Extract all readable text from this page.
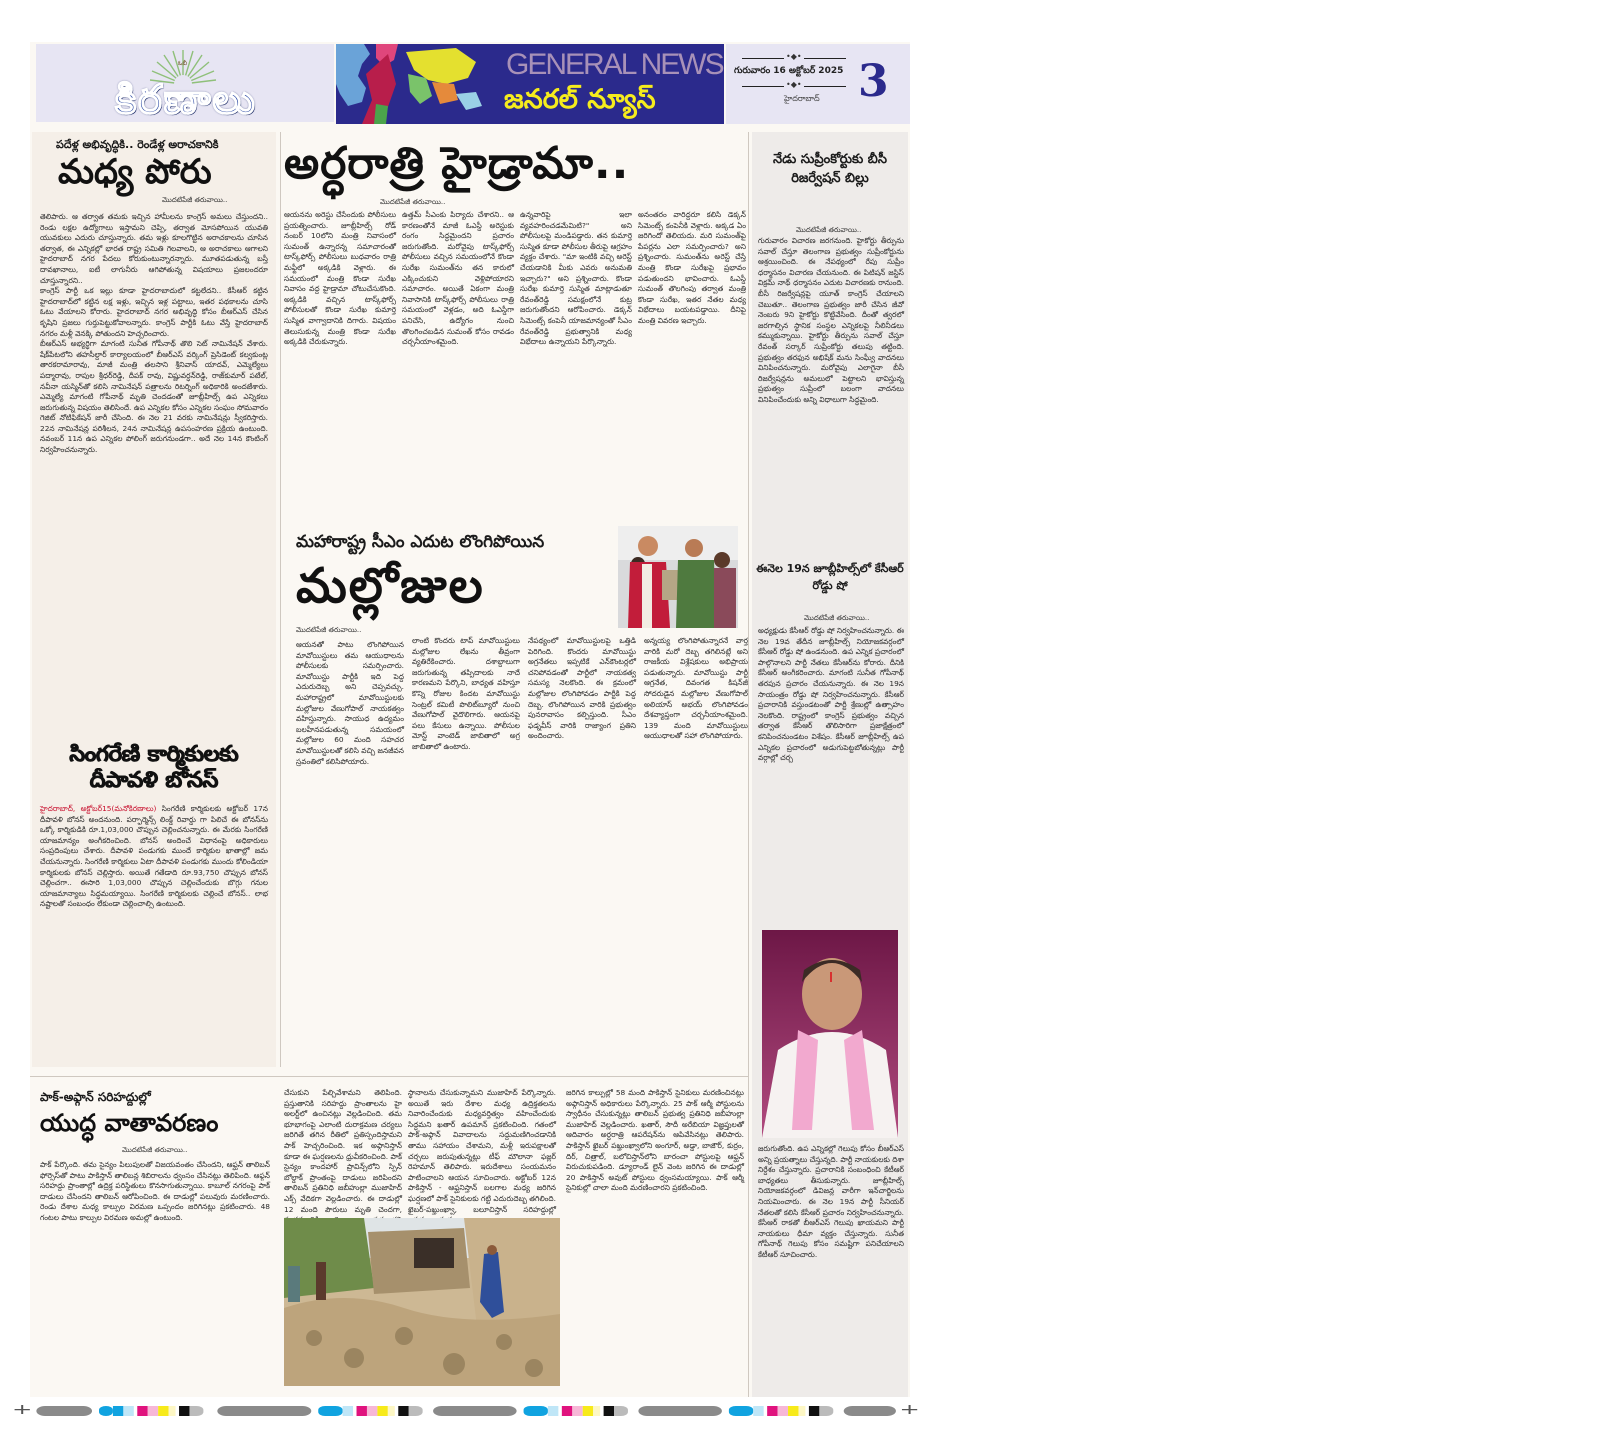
ఓబీ
కిరణాలు
GENERAL NEWS
జనరల్ న్యూస్
•◆•
గురువారం 16 అక్టోబర్ 2025
•◆•
హైదరాబాద్ 3
పదేళ్ల అభివృద్ధికి.. రెండేళ్ల అరాచకానికి
మధ్య పోరు
మొదటిపేజీ తరువాయి..

తెలిపారు. ఆ తర్వాత తమకు ఇచ్చిన హామీలను కాంగ్రెస్ అమలు చేస్తుందని.. రెండు లక్షల ఉద్యోగాలు ఇస్తామని చెప్పి, తర్వాత మోసపోయిన యువతి యువకులు ఎదురు చూస్తున్నారు. తమ ఇళ్లు కూలగొట్టిన అరాచకాలను చూసిన తర్వాత, ఈ ఎన్నికల్లో భారత రాష్ట్ర సమితి గెలవాలని, ఆ అరాచకాలు ఆగాలని హైదరాబాద్ నగర పేదలు కోరుకుంటున్నారన్నారు. మూతపడుతున్న బస్తీ దావఖానాలు, ఐటీ లాగునీరు ఆగిపోతున్న విషయాలు ప్రజలందరూ చూస్తున్నారని..

కాంగ్రెస్ పార్టీ ఒక ఇల్లు కూడా హైదరాబాదులో కట్టలేదని.. కేసీఆర్ కట్టిన హైదరాబాద్‌లో కట్టిన లక్ష ఇళ్లు, ఇచ్చిన ఇళ్ల పట్టాలు, ఇతర పథకాలను చూసి ఓటు వేయాలని కోరారు. హైదరాబాద్ నగర అభివృద్ధి కోసం బీఆర్ఎస్ చేసిన కృషిని ప్రజలు గుర్తుపెట్టుకోవాలన్నారు. కాంగ్రెస్ పార్టీకి ఓటు వేస్తే హైదరాబాద్ నగరం మళ్లీ వెనక్కి పోతుందని హెచ్చరించారు.

బీఆర్ఎస్ అభ్యర్థిగా మాగంటి సునీత గోపీనాథ్ తొలి సెట్ నామినేషన్ వేశారు. షేక్‌పేటలోని తహసీల్దార్ కార్యాలయంలో బీఆర్ఎస్ వర్కింగ్ ప్రెసిడెంట్ కల్వకుంట్ల తారకరామారావు, మాజీ మంత్రి తలసాని శ్రీనివాస్ యాదవ్, ఎమ్మెల్యేలు పద్మారావు, రాపుల శ్రీధర్‌రెడ్డి, దీపక్ రావు, విష్ణువర్ధన్‌రెడ్డి, రాజ్‌కుమార్ పటేల్, నవీనా యస్మిన్‌తో కలిసి నామినేషన్ పత్రాలను రిటర్నింగ్ అధికారికి అందజేశారు. ఎమ్మెల్యే మాగంటి గోపీనాథ్ మృతి చెందడంతో జూబ్లీహిల్స్ ఉప ఎన్నికలు జరుగుతున్న విషయం తెలిసిందే. ఉప ఎన్నికల కోసం ఎన్నికల సంఘం సోమవారం గెజిట్ నోటిఫికేషన్ జారీ చేసింది. ఈ నెల 21 వరకు నామినేషన్లు స్వీకరిస్తారు. 22న నామినేషన్ల పరిశీలన, 24న నామినేషన్ల ఉపసంహరణ ప్రక్రియ ఉంటుంది. నవంబర్ 11న ఉప ఎన్నికల పోలింగ్ జరుగనుండగా.. అదే నెల 14న కౌంటింగ్ నిర్వహించనున్నారు.

సింగరేణి కార్మికులకు
దీపావళి బోనస్
హైదరాబాద్, అక్టోబర్15(మనోకిరణాలు) సింగరేణి కార్మికులకు అక్టోబర్ 17న దీపావళి బోనస్ అందనుంది. పర్ఫార్మెన్స్ లింక్డ్ రివార్డు గా పిలిచే ఈ బోనస్‌ను ఒక్కో కార్మికుడికి రూ.1,03,000 చొప్పున చెల్లించనున్నారు. ఈ మేరకు సింగరేణి యాజమాన్యం అంగీకరించింది. బోనస్ అందించే విధానంపై అధికారులు సంప్రదింపులు చేశారు. దీపావళి పండుగకు ముందే కార్మికుల ఖాతాల్లో జమ చేయనున్నారు. సింగరేణి కార్మికులు ఏటా దీపావళి పండుగకు ముందు కోలిండియా కార్మికులకు బోనస్ చెల్లిస్తారు. అయితే గతేడాది రూ.93,750 చొప్పున బోనస్ చెల్లించగా.. ఈసారి 1,03,000 చొప్పున చెల్లించేందుకు బొగ్గు గనుల యాజమాన్యాలు సిద్ధమయ్యాయి. సింగరేణి కార్మికులకు చెల్లించే బోనస్.. లాభ నష్టాలతో సంబంధం లేకుండా చెల్లించాల్సి ఉంటుంది.
అర్ధరాత్రి హైడ్రామా..
మొదటిపేజీ తరువాయి..
ఆయనను అరెస్టు చేసేందుకు పోలీసులు ప్రయత్నించారు. జూబ్లీహిల్స్ రోడ్ నంబర్ 10లోని మంత్రి నివాసంలో సుమంత్ ఉన్నారన్న సమాచారంతో టాస్క్‌ఫోర్స్ పోలీసులు బుధవారం రాత్రి మఫ్టీలో అక్కడికి వెళ్లారు. ఈ సమయంలో మంత్రి కొండా సురేఖ నివాసం వద్ద హైడ్రామా చోటుచేసుకొంది. అక్కడికి వచ్చిన టాస్క్‌ఫోర్స్ పోలీసులతో కొండా సురేఖ కుమార్తె సుస్మిత వాగ్వాదానికి దిగారు. విషయం తెలుసుకున్న మంత్రి కొండా సురేఖ అక్కడికి చేరుకున్నారు.
ఉత్తమ్ సీఎంకు పిర్యాదు చేశారని.. ఆ కారణంతోనే మాజీ ఓఎస్డీ అరెస్టుకు రంగం సిద్ధమైందని ప్రచారం జరుగుతోంది. మరోవైపు టాస్క్‌ఫోర్స్ పోలీసులు వచ్చిన సమయంలోనే కొండా సురేఖ సుమంత్‌ను తన కారులో ఎక్కించుకుని వెళ్లిపోయారని సమాచారం. అయితే ఏకంగా మంత్రి నివాసానికి టాస్క్‌ఫోర్స్ పోలీసులు రాత్రి సమయంలో వెళ్లడం, అది ఓఎస్డీగా పనిచేసి, ఉద్యోగం నుంచి తొలగించబడిన సుమంత్ కోసం రావడం చర్చనీయాంశమైంది.
ఉన్నవారిపై ఇలా వ్యవహరించడమేమిటి?" అని పోలీసులపై మండిపడ్డారు. తన కుమార్తె సుస్మిత కూడా పోలీసుల తీరుపై ఆగ్రహం వ్యక్తం చేశారు. "మా ఇంటికి వచ్చి అరెస్ట్ చేయడానికి మీకు ఎవరు అనుమతి ఇచ్చారు?" అని ప్రశ్నించారు. కొండా సురేఖ కుమార్తె సుస్మిత మాట్లాడుతూ రేవంత్‌రెడ్డి సమక్షంలోనే కుట్ర జరుగుతోందని ఆరోపించారు. డెక్కన్ సిమెంట్స్ కంపెనీ యాజమాన్యంతో సీఎం రేవంత్‌రెడ్డి ప్రభుత్వానికి మధ్య విభేదాలు ఉన్నాయని పేర్కొన్నారు.
అనంతరం వారిద్దరూ కలిసి డెక్కన్ సిమెంట్స్ కంపెనీకి వెళ్లారు. అక్కడ ఏం జరిగిందో తెలియదు. మరి సుమంత్‌పై పేపర్లను ఎలా సమర్పించారు? అని ప్రశ్నించారు. సుమంత్‌ను అరెస్ట్ చేస్తే మంత్రి కొండా సురేఖపై ప్రభావం పడుతుందని భావించారు. ఓఎస్డీ సుమంత్ తొలగింపు తర్వాత మంత్రి కొండా సురేఖ, ఇతర నేతల మధ్య విభేదాలు బయటపడ్డాయి. దీనిపై మంత్రి వివరణ ఇచ్చారు.
మహారాష్ట్ర సీఎం ఎదుట లొంగిపోయిన
మల్లోజుల
మొదటిపేజీ తరువాయి..
ఆయనతో పాటు లొంగిపోయిన మావోయిస్టులు తమ ఆయుధాలను పోలీసులకు సమర్పించారు. మావోయిస్టు పార్టీకి ఇది పెద్ద ఎదురుదెబ్బ అని చెప్పవచ్చు. మహారాష్ట్రలో మావోయిస్టులకు మల్లోజుల వేణుగోపాల్ నాయకత్వం వహిస్తున్నారు. సాయుధ ఉద్యమం బలహీనపడుతున్న సమయంలో మల్లోజుల 60 మంది సహచర మావోయిస్టులతో కలిసి వచ్చి జనజీవన స్రవంతిలో కలిసిపోయారు.
లాంటి కొందరు టాప్ మావోయిస్టులు మల్లోజుల లేఖను తీవ్రంగా వ్యతిరేకించారు. దశాబ్దాలుగా జరుగుతున్న తప్పిదాలకు నాదే కారణమని పేర్కొని, బాధ్యత వహిస్తూ కొన్ని రోజుల కిందట మావోయిస్టు సెంట్రల్ కమిటీ పొలిట్‌బ్యూరో నుంచి వేణుగోపాల్ వైదొలిగారు. ఆయనపై పలు కేసులు ఉన్నాయి. పోలీసుల మోస్ట్ వాంటెడ్ జాబితాలో అగ్ర జాబితాలో ఉంటారు.
నేపథ్యంలో మావోయిస్టులపై ఒత్తిడి పెరిగింది. కొందరు మావోయిస్టు అగ్రనేతలు ఇప్పటికే ఎన్‌కౌంటర్లలో చనిపోవడంతో పార్టీలో నాయకత్వ సమస్య నెలకొంది. ఈ క్రమంలో మల్లోజుల లొంగిపోవడం పార్టీకి పెద్ద దెబ్బ. లొంగిపోయిన వారికి ప్రభుత్వం పునరావాసం కల్పిస్తుంది. సీఎం ఫడ్నవీస్ వారికి రాజ్యాంగ ప్రతిని అందించారు.
అన్నయ్య లొంగిపోతున్నారనే వార్త వారికి మరో దెబ్బ తగిలినట్లే అని రాజకీయ విశ్లేషకులు అభిప్రాయ పడుతున్నారు. మావోయిస్టు పార్టీ ఆగ్రనేత, దివంగత కిషన్‌జీ సోదరుడైన మల్లోజుల వేణుగోపాల్ అలియాస్ అభయ్ లొంగిపోవడం దేశవ్యాప్తంగా చర్చనీయాంశమైంది. 139 మంది మావోయిస్టులు ఆయుధాలతో సహా లొంగిపోయారు.
నేడు సుప్రీంకోర్టుకు బీసీ రిజర్వేషన్ బిల్లు
మొదటిపేజీ తరువాయి..
గురువారం విచారణ జరగనుంది. హైకోర్టు తీర్పును సవాల్ చేస్తూ తెలంగాణ ప్రభుత్వం సుప్రీంకోర్టును ఆశ్రయించింది. ఈ నేపథ్యంలో రేపు సుప్రీం ధర్మాసనం విచారణ చేయనుంది. ఈ పిటిషన్ జస్టిస్ విక్రమ్ నాథ్ ధర్మాసనం ఎదుట విచారణకు రానుంది. బీసీ రిజర్వేషన్లపై యూత్ కాంగ్రెస్ చేయాలని చెబుతూ.. తెలంగాణ ప్రభుత్వం జారీ చేసిన జీవో నెంబరు 9ని హైకోర్టు కొట్టివేసింది. దీంతో త్వరలో జరగాల్సిన స్థానిక సంస్థల ఎన్నికలపై నీలినీడలు కమ్ముకున్నాయి. హైకోర్టు తీర్పును సవాల్ చేస్తూ రేవంత్ సర్కార్ సుప్రీంకోర్టు తలుపు తట్టింది. ప్రభుత్వం తరఫున అభిషేక్ మను సింఘ్వీ వాదనలు వినిపించనున్నారు. మరోవైపు ఎలాగైనా బీసీ రిజర్వేషన్లను అమలులో పెట్టాలని భావిస్తున్న ప్రభుత్వం సుప్రీంలో బలంగా వాదనలు వినిపించేందుకు అన్ని విధాలుగా సిద్ధమైంది.
ఈనెల 19న జూబ్లీహిల్స్‌లో కేసీఆర్ రోడ్డు షో
మొదటిపేజీ తరువాయి..
అధ్యక్షుడు కేసీఆర్ రోడ్డు షో నిర్వహించనున్నారు. ఈ నెల 19వ తేదీన జూబ్లీహిల్స్ నియోజకవర్గంలో కేసీఆర్ రోడ్డు షో ఉండనుంది. ఉప ఎన్నిక ప్రచారంలో పాల్గొనాలని పార్టీ నేతలు కేసీఆర్‌ను కోరారు. దీనికి కేసీఆర్ అంగీకరించారు. మాగంటి సునీత గోపీనాథ్ తరపున ప్రచారం చేయనున్నారు. ఈ నెల 19న సాయంత్రం రోడ్డు షో నిర్వహించనున్నారు. కేసీఆర్ ప్రచారానికి వస్తుండటంతో పార్టీ శ్రేణుల్లో ఉత్సాహం నెలకొంది. రాష్ట్రంలో కాంగ్రెస్ ప్రభుత్వం వచ్చిన తర్వాత కేసీఆర్ తొలిసారిగా ప్రజాక్షేత్రంలో కనిపించనుండటం విశేషం. కేసీఆర్ జూబ్లీహిల్స్ ఉప ఎన్నికల ప్రచారంలో అడుగుపెట్టబోతున్నట్లు పార్టీ వర్గాల్లో చర్చ
జరుగుతోంది. ఉప ఎన్నికల్లో గెలుపు కోసం బీఆర్ఎస్ అన్ని ప్రయత్నాలు చేస్తున్నది. పార్టీ నాయకులకు దిశా నిర్దేశం చేస్తున్నారు. ప్రచారానికి సంబంధించి కేటీఆర్ బాధ్యతలు తీసుకున్నారు. జూబ్లీహిల్స్ నియోజకవర్గంలో డివిజన్ల వారీగా ఇన్‌చార్జిలను నియమించారు. ఈ నెల 19న పార్టీ సీనియర్ నేతలతో కలిసి కేసీఆర్ ప్రచారం నిర్వహించనున్నారు. కేసీఆర్ రాకతో బీఆర్ఎస్ గెలుపు ఖాయమని పార్టీ నాయకులు ధీమా వ్యక్తం చేస్తున్నారు. సునీత గోపీనాథ్ గెలుపు కోసం సమష్టిగా పనిచేయాలని కేటీఆర్ సూచించారు.
పాక్-అఫ్గాన్ సరిహద్దుల్లో
యుద్ధ వాతావరణం
మొదటిపేజీ తరువాయి..
పాక్ పేర్కొంది. తమ సైన్యం పిలుపులతో విజయవంతం చేసిందని, ఆఫ్ఘన్ తాలిబన్ ఫోర్సెస్‌తో పాటు పాకిస్తాన్ తాలిబన్ల శిబిరాలను ధ్వంసం చేసినట్లు తెలిపింది. ఆఫ్గన్ సరిహద్దు ప్రాంతాల్లో ఉద్రిక్త పరిస్థితులు కొనసాగుతున్నాయి. కాబూల్ నగరంపై పాక్ దాడులు చేసిందని తాలిబన్ ఆరోపించింది. ఈ దాడుల్లో పలువురు మరణించారు. రెండు దేశాల మధ్య కాల్పుల విరమణ ఒప్పందం జరిగినట్లు ప్రకటించారు. 48 గంటల పాటు కాల్పుల విరమణ అమల్లో ఉంటుంది.
చేసుకుని పేల్చివేశామని తెలిపింది. ప్రస్తుతానికి సరిహద్దు ప్రాంతాలను హై అలర్ట్‌లో ఉంచినట్లు వెల్లడించింది. తమ భూభాగంపై ఎలాంటి దురాక్రమణ చర్యలు జరిగితే తగిన రీతిలో ప్రతిస్పందిస్తామని పాక్ హెచ్చరించింది. ఇక అఫ్గానిస్తాన్ కూడా ఈ ఘర్షణలను ధ్రువీకరించింది. పాక్ సైన్యం కాందహార్ ప్రావిన్స్‌లోని స్పిన్ బోల్డాక్ ప్రాంతంపై దాడులు జరిపిందని తాలిబన్ ప్రతినిధి జబీహుల్లా ముజాహిద్ ఎక్స్ వేదికగా వెల్లడించారు. ఈ దాడుల్లో 12 మంది పౌరులు మృతి చెందగా,
స్థానాలను చేసుకున్నామని ముజాహిద్ పేర్కొన్నారు. అయితే ఇరు దేశాల మధ్య ఉద్రిక్తతలను నివారించేందుకు మధ్యవర్తిత్వం వహించేందుకు సిద్ధమని ఖతార్ ఉపమాన్ ప్రకటించింది. గతంలో పాక్-అఫ్గాన్ వివాదాలను సద్దుమణిగించడానికి తాము సహాయం చేశామని, మళ్లీ ఇరుపక్షాలతో చర్చలు జరుపుతున్నట్లు టీఫ్ మౌలానా ఫజ్లర్ రెహమాన్ తెలిపారు. ఇరుదేశాలు సంయమనం పాటించాలని ఆయన సూచించారు. అక్టోబర్ 12న పాకిస్తాన్ - ఆఫ్ఘనిస్తాన్ బలగాల మధ్య జరిగిన ఘర్షణలో పాక్ సైనికులకు గట్టి ఎదురుదెబ్బ తగిలింది. ఖైబర్-పఖ్తుంఖ్వా, బలూచిస్తాన్ సరిహద్దుల్లో
జరిగిన కాల్పుల్లో 58 మంది పాకిస్తాన్ సైనికులు మరణించినట్లు అఫ్గానిస్తాన్ అధికారులు పేర్కొన్నారు. 25 పాక్ ఆర్మీ పోస్టులను స్వాధీనం చేసుకున్నట్లు తాలిబన్ ప్రభుత్వ ప్రతినిధి జబీహుల్లా ముజాహిద్ వెల్లడించారు. ఖతార్, సౌదీ అరేబియా విజ్ఞప్తులతో ఆదివారం అర్ధరాత్రి ఆపరేషన్‌ను ఆపివేసినట్లు తెలిపారు. పాకిస్తాన్ ఖైబర్ పఖ్తుంఖ్వాలోని అంగూర్, అడ్డా, బాజౌర్, కుర్రం, దిర్, చిత్రాల్, బలోచిస్తాన్‌లోని బారంచా పోస్టులపై ఆఫ్ఘన్ విరుచుకుపడింది. డ్యూరాండ్ లైన్ వెంట జరిగిన ఈ దాడుల్లో 20 పాకిస్తాన్ అవుట్ పోస్టులు ధ్వంసమయ్యాయి. పాక్ ఆర్మీ సైనికుల్లో చాలా మంది మరణించారని ప్రకటించింది.
+	+
